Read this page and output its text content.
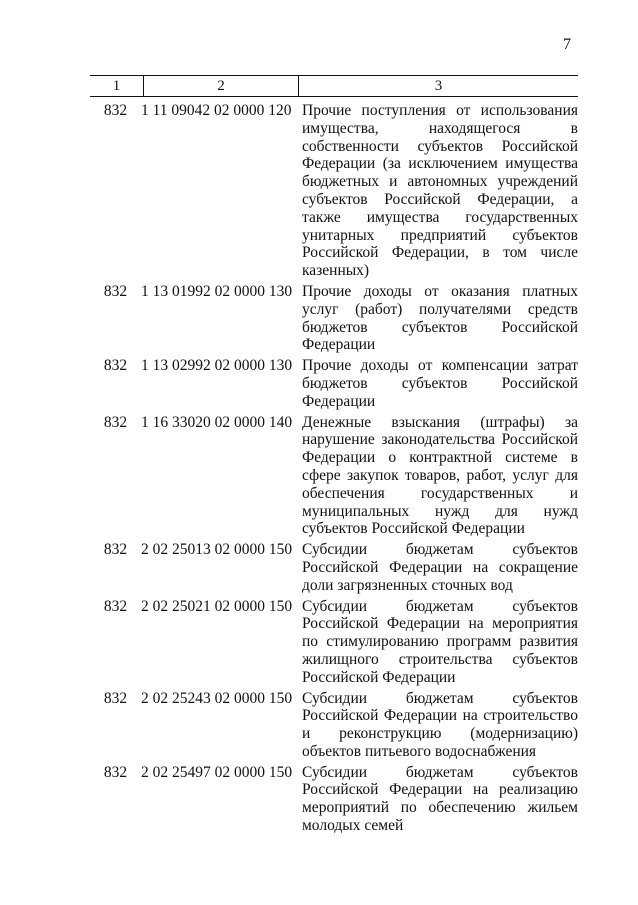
7
1	2	3
832 1 11 09042 02 0000 120 Прочие поступления от использования имущества, находящегося в собственности субъектов Российской Федерации (за исключением имущества бюджетных и автономных учреждений субъектов Российской Федерации, а также имущества государственных унитарных предприятий субъектов Российской Федерации, в том числе казенных)
832 1 13 01992 02 0000 130 Прочие доходы от оказания платных услуг (работ) получателями средств бюджетов субъектов Российской Федерации
832 1 13 02992 02 0000 130 Прочие доходы от компенсации затрат бюджетов субъектов Российской Федерации
832 1 16 33020 02 0000 140 Денежные взыскания (штрафы) за нарушение законодательства Российской Федерации о контрактной системе в сфере закупок товаров, работ, услуг для обеспечения государственных и муниципальных нужд для нужд субъектов Российской Федерации
832 2 02 25013 02 0000 150 Субсидии бюджетам субъектов Российской Федерации на сокращение доли загрязненных сточных вод
832 2 02 25021 02 0000 150 Субсидии бюджетам субъектов Российской Федерации на мероприятия по стимулированию программ развития жилищного строительства субъектов Российской Федерации
832 2 02 25243 02 0000 150 Субсидии бюджетам субъектов Российской Федерации на строительство и реконструкцию (модернизацию) объектов питьевого водоснабжения
832 2 02 25497 02 0000 150 Субсидии бюджетам субъектов Российской Федерации на реализацию мероприятий по обеспечению жильем молодых семей
